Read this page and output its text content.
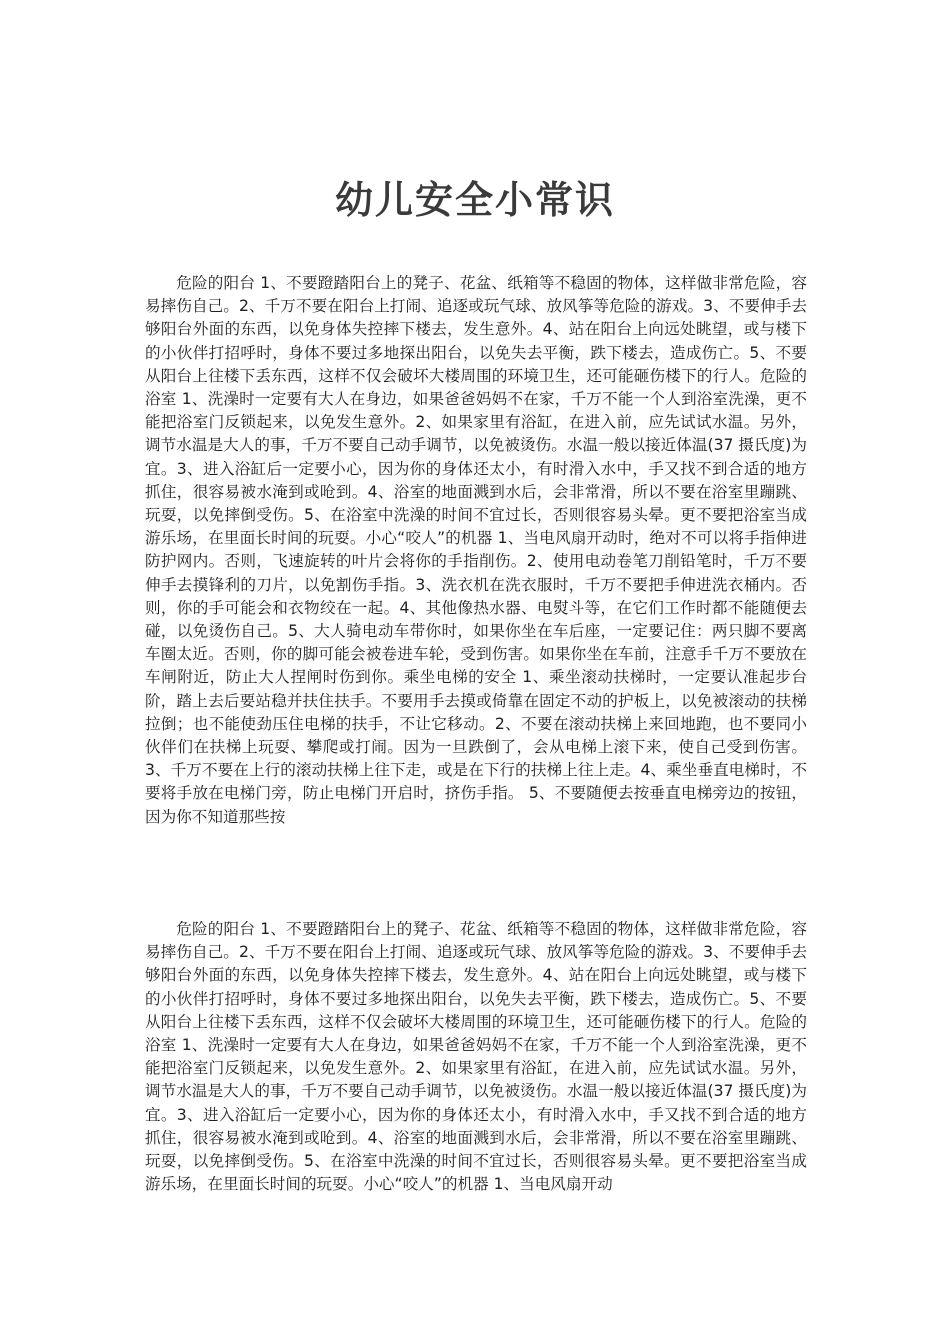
幼儿安全小常识

危险的阳台 1、不要蹬踏阳台上的凳子、花盆、纸箱等不稳固的物体，这样做非常危险，容易摔伤自己。2、千万不要在阳台上打闹、追逐或玩气球、放风筝等危险的游戏。3、不要伸手去够阳台外面的东西，以免身体失控摔下楼去，发生意外。4、站在阳台上向远处眺望，或与楼下的小伙伴打招呼时，身体不要过多地探出阳台，以免失去平衡，跌下楼去，造成伤亡。5、不要从阳台上往楼下丢东西，这样不仅会破坏大楼周围的环境卫生，还可能砸伤楼下的行人。危险的浴室 1、洗澡时一定要有大人在身边，如果爸爸妈妈不在家，千万不能一个人到浴室洗澡，更不能把浴室门反锁起来，以免发生意外。2、如果家里有浴缸，在进入前，应先试试水温。另外，调节水温是大人的事，千万不要自己动手调节，以免被烫伤。水温一般以接近体温(37 摄氏度)为宜。3、进入浴缸后一定要小心，因为你的身体还太小，有时滑入水中，手又找不到合适的地方抓住，很容易被水淹到或呛到。4、浴室的地面溅到水后，会非常滑，所以不要在浴室里蹦跳、玩耍，以免摔倒受伤。5、在浴室中洗澡的时间不宜过长，否则很容易头晕。更不要把浴室当成游乐场，在里面长时间的玩耍。小心“咬人”的机器 1、当电风扇开动时，绝对不可以将手指伸进防护网内。否则，飞速旋转的叶片会将你的手指削伤。2、使用电动卷笔刀削铅笔时，千万不要伸手去摸锋利的刀片，以免割伤手指。3、洗衣机在洗衣服时，千万不要把手伸进洗衣桶内。否则，你的手可能会和衣物绞在一起。4、其他像热水器、电熨斗等，在它们工作时都不能随便去碰，以免烫伤自己。5、大人骑电动车带你时，如果你坐在车后座，一定要记住：两只脚不要离车圈太近。否则，你的脚可能会被卷进车轮，受到伤害。如果你坐在车前，注意手千万不要放在车闸附近，防止大人捏闸时伤到你。乘坐电梯的安全 1、乘坐滚动扶梯时，一定要认准起步台阶，踏上去后要站稳并扶住扶手。不要用手去摸或倚靠在固定不动的护板上，以免被滚动的扶梯拉倒；也不能使劲压住电梯的扶手，不让它移动。2、不要在滚动扶梯上来回地跑，也不要同小伙伴们在扶梯上玩耍、攀爬或打闹。因为一旦跌倒了，会从电梯上滚下来，使自己受到伤害。3、千万不要在上行的滚动扶梯上往下走，或是在下行的扶梯上往上走。4、乘坐垂直电梯时，不要将手放在电梯门旁，防止电梯门开启时，挤伤手指。 5、不要随便去按垂直电梯旁边的按钮，因为你不知道那些按

危险的阳台 1、不要蹬踏阳台上的凳子、花盆、纸箱等不稳固的物体，这样做非常危险，容易摔伤自己。2、千万不要在阳台上打闹、追逐或玩气球、放风筝等危险的游戏。3、不要伸手去够阳台外面的东西，以免身体失控摔下楼去，发生意外。4、站在阳台上向远处眺望，或与楼下的小伙伴打招呼时，身体不要过多地探出阳台，以免失去平衡，跌下楼去，造成伤亡。5、不要从阳台上往楼下丢东西，这样不仅会破坏大楼周围的环境卫生，还可能砸伤楼下的行人。危险的浴室 1、洗澡时一定要有大人在身边，如果爸爸妈妈不在家，千万不能一个人到浴室洗澡，更不能把浴室门反锁起来，以免发生意外。2、如果家里有浴缸，在进入前，应先试试水温。另外，调节水温是大人的事，千万不要自己动手调节，以免被烫伤。水温一般以接近体温(37 摄氏度)为宜。3、进入浴缸后一定要小心，因为你的身体还太小，有时滑入水中，手又找不到合适的地方抓住，很容易被水淹到或呛到。4、浴室的地面溅到水后，会非常滑，所以不要在浴室里蹦跳、玩耍，以免摔倒受伤。5、在浴室中洗澡的时间不宜过长，否则很容易头晕。更不要把浴室当成游乐场，在里面长时间的玩耍。小心“咬人”的机器 1、当电风扇开动
